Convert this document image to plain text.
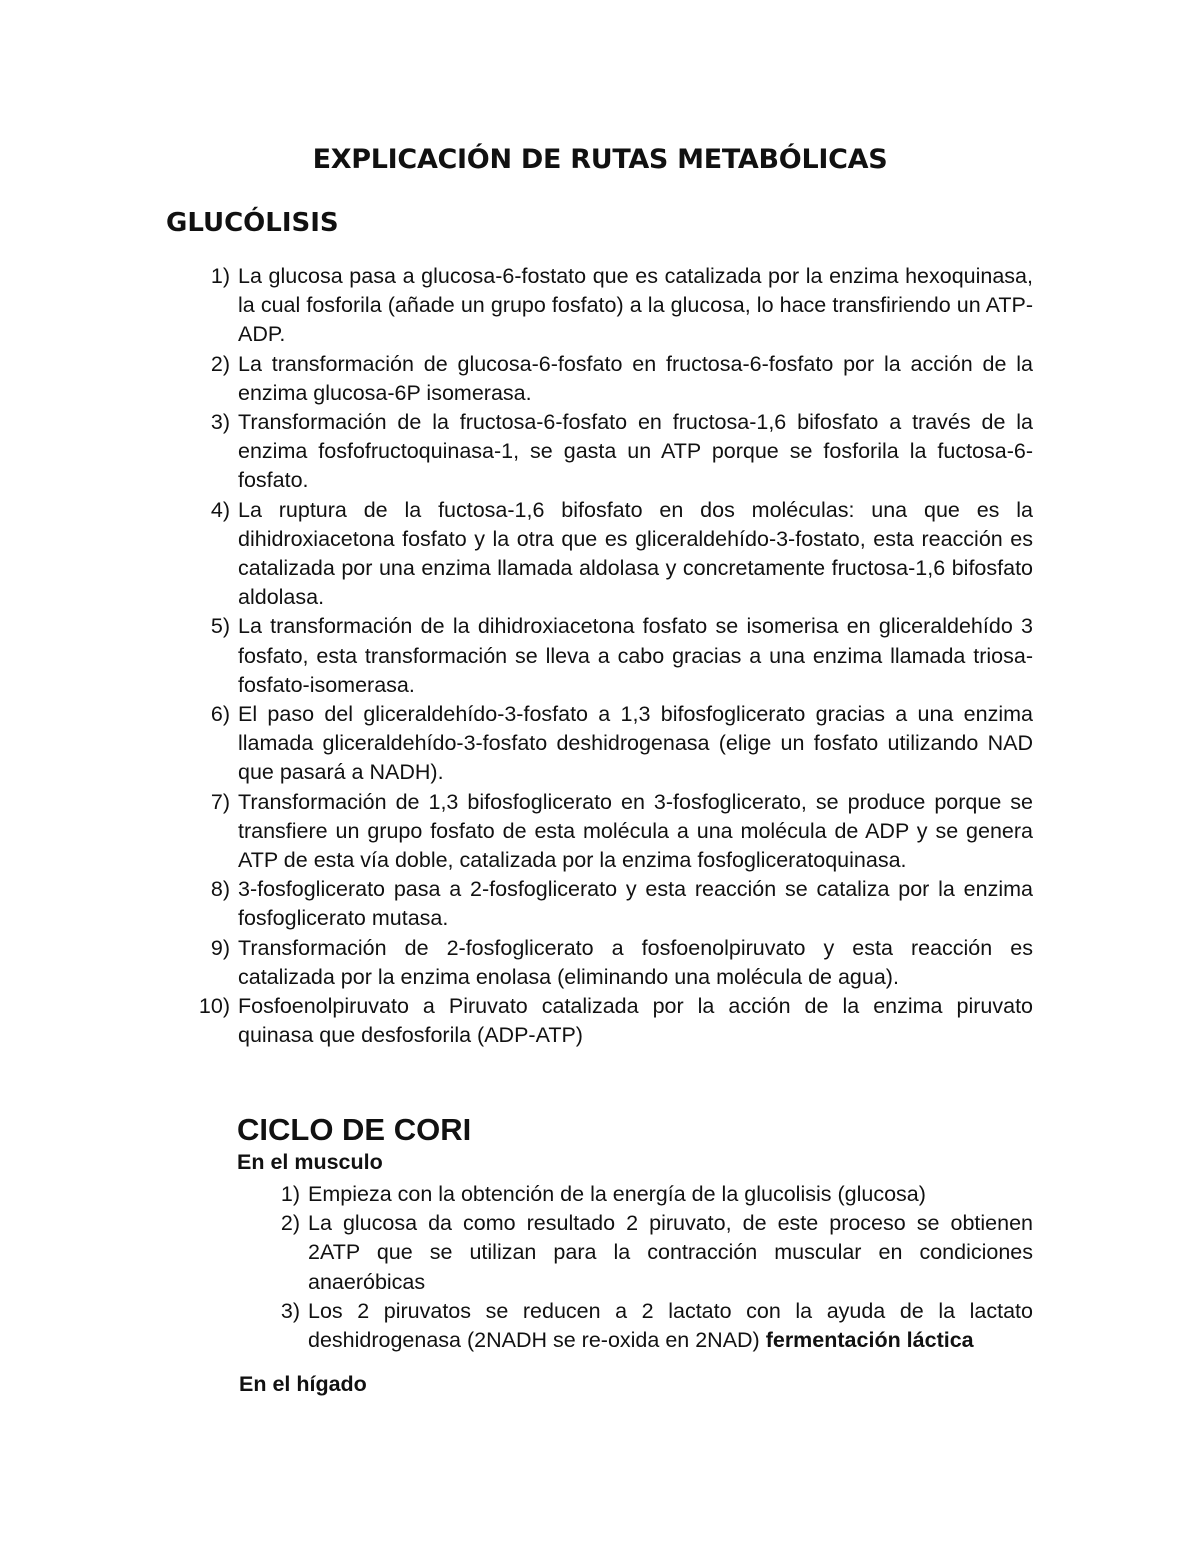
EXPLICACIÓN DE RUTAS METABÓLICAS
GLUCÓLISIS
1) La glucosa pasa a glucosa-6-fostato que es catalizada por la enzima hexoquinasa, la cual fosforila (añade un grupo fosfato) a la glucosa, lo hace transfiriendo un ATP-ADP.
2) La transformación de glucosa-6-fosfato en fructosa-6-fosfato por la acción de la enzima glucosa-6P isomerasa.
3) Transformación de la fructosa-6-fosfato en fructosa-1,6 bifosfato a través de la enzima fosfofructoquinasa-1, se gasta un ATP porque se fosforila la fuctosa-6-fosfato.
4) La ruptura de la fuctosa-1,6 bifosfato en dos moléculas: una que es la dihidroxiacetona fosfato y la otra que es gliceraldehído-3-fostato, esta reacción es catalizada por una enzima llamada aldolasa y concretamente fructosa-1,6 bifosfato aldolasa.
5) La transformación de la dihidroxiacetona fosfato se isomerisa en gliceraldehído 3 fosfato, esta transformación se lleva a cabo gracias a una enzima llamada triosa-fosfato-isomerasa.
6) El paso del gliceraldehído-3-fosfato a 1,3 bifosfoglicerato gracias a una enzima llamada gliceraldehído-3-fosfato deshidrogenasa (elige un fosfato utilizando NAD que pasará a NADH).
7) Transformación de 1,3 bifosfoglicerato en 3-fosfoglicerato, se produce porque se transfiere un grupo fosfato de esta molécula a una molécula de ADP y se genera ATP de esta vía doble, catalizada por la enzima fosfogliceratoquinasa.
8) 3-fosfoglicerato pasa a 2-fosfoglicerato y esta reacción se cataliza por la enzima fosfoglicerato mutasa.
9) Transformación de 2-fosfoglicerato a fosfoenolpiruvato y esta reacción es catalizada por la enzima enolasa (eliminando una molécula de agua).
10) Fosfoenolpiruvato a Piruvato catalizada por la acción de la enzima piruvato quinasa que desfosforila (ADP-ATP)
CICLO DE CORI
En el musculo
1) Empieza con la obtención de la energía de la glucolisis (glucosa)
2) La glucosa da como resultado 2 piruvato, de este proceso se obtienen 2ATP que se utilizan para la contracción muscular en condiciones anaeróbicas
3) Los 2 piruvatos se reducen a 2 lactato con la ayuda de la lactato deshidrogenasa (2NADH se re-oxida en 2NAD) fermentación láctica
En el hígado
